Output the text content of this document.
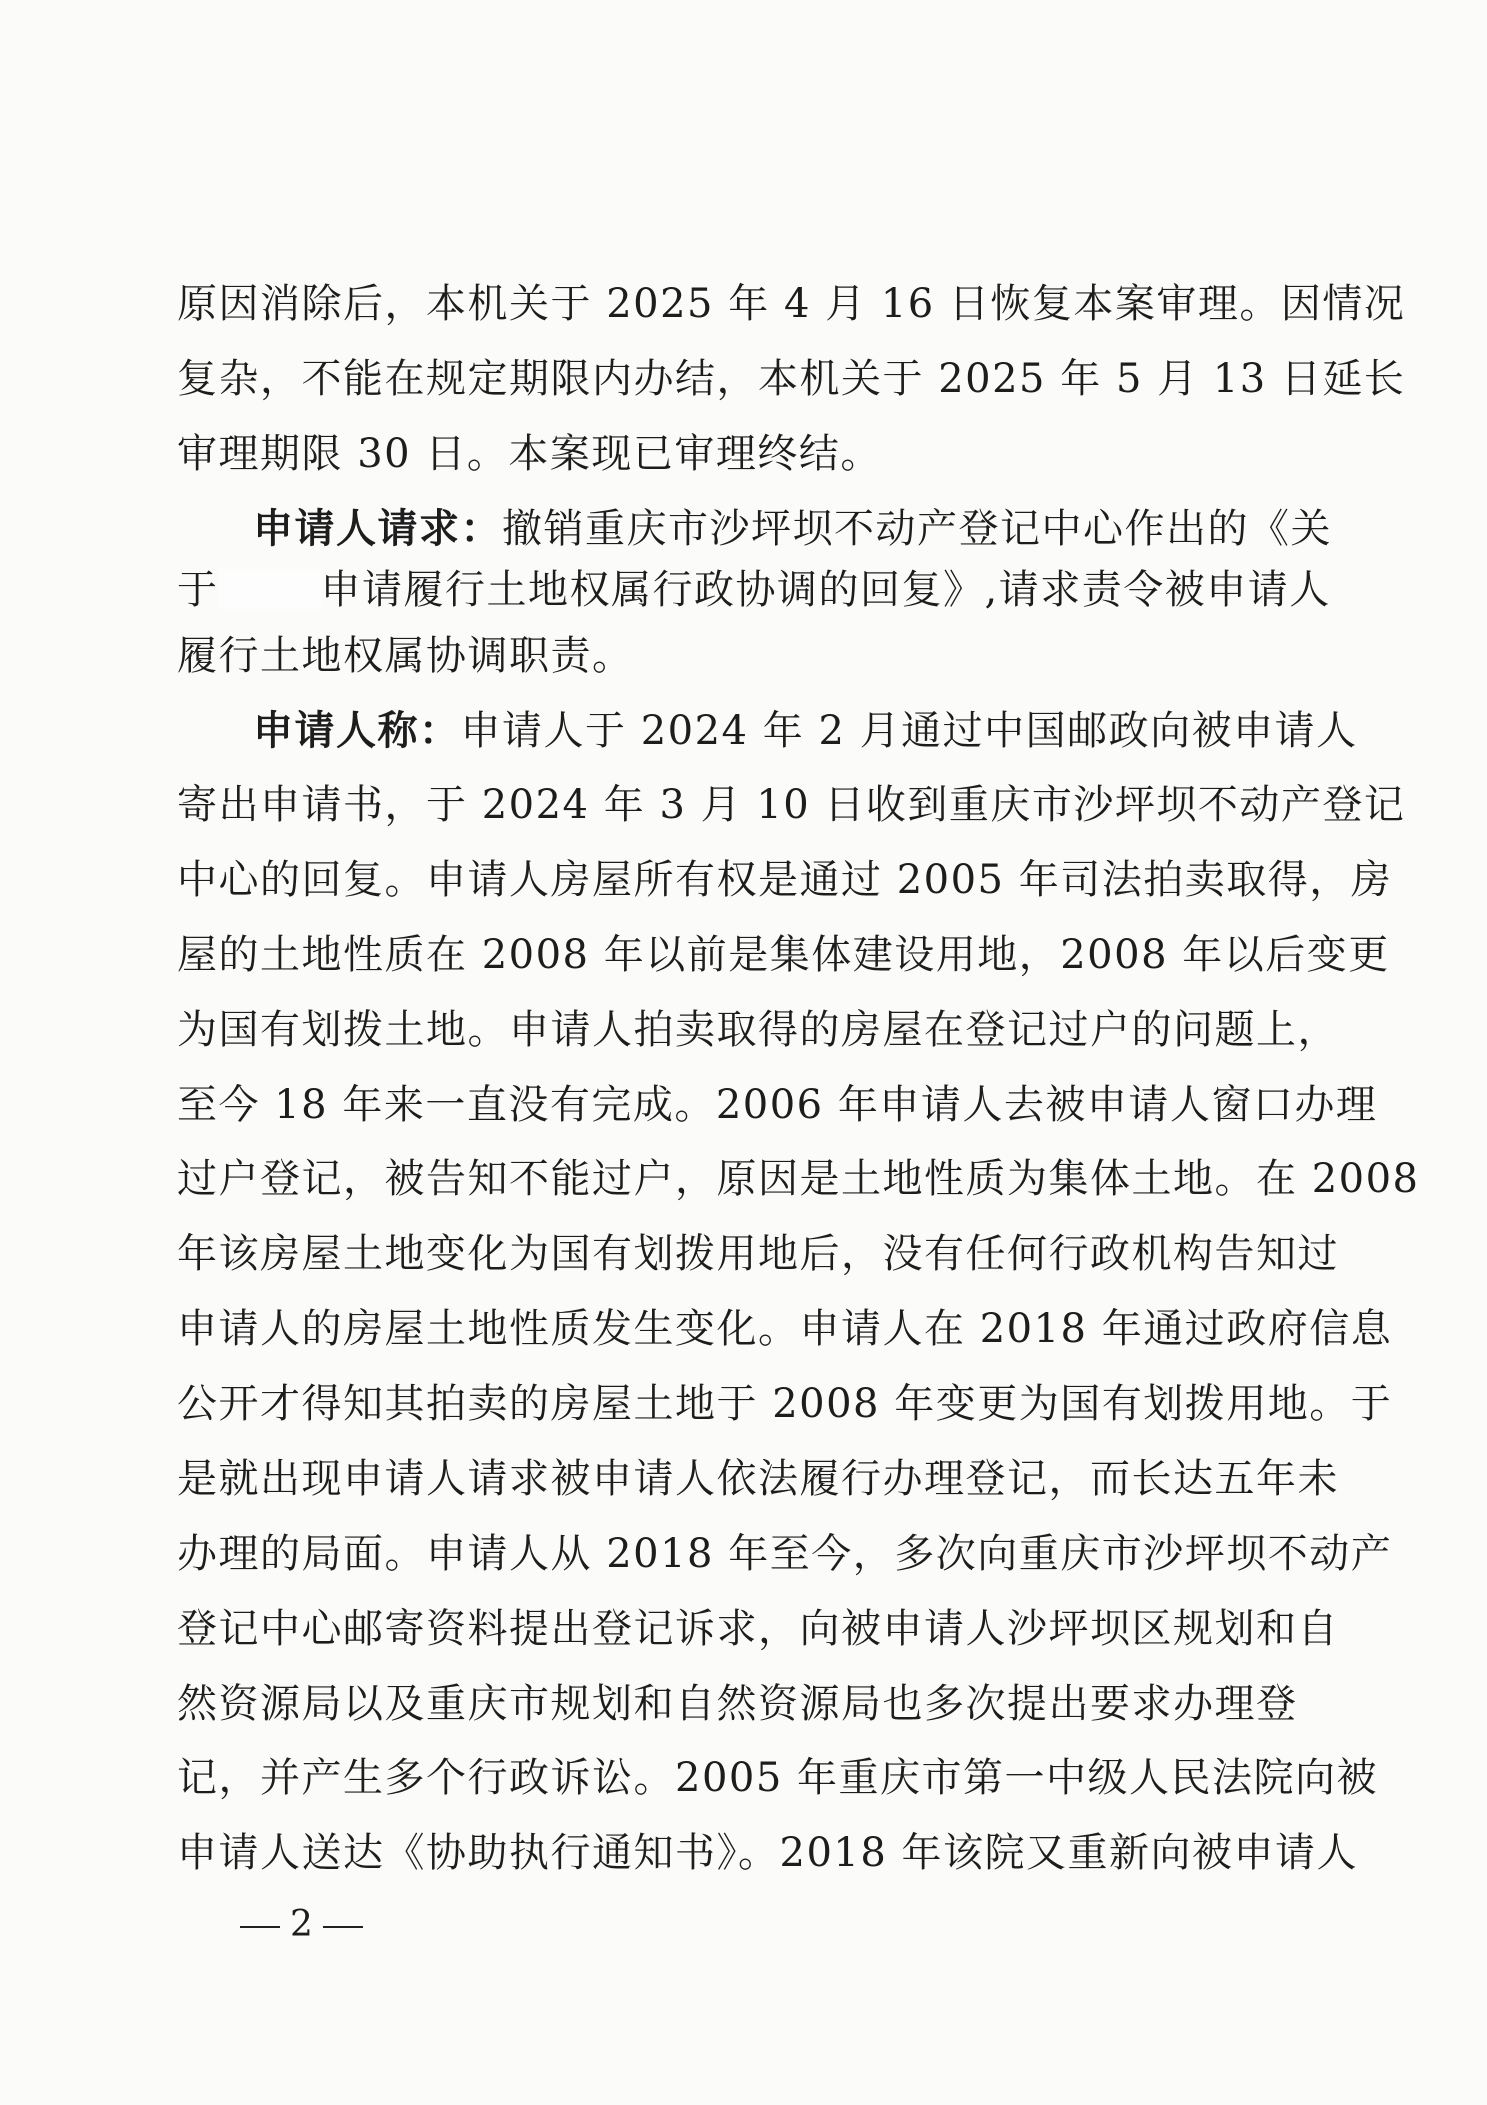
原因消除后，本机关于 2025 年 4 月 16 日恢复本案审理。因情况
复杂，不能在规定期限内办结，本机关于 2025 年 5 月 13 日延长
审理期限 30 日。本案现已审理终结。
申请人请求：撤销重庆市沙坪坝不动产登记中心作出的《关
于	申请履行土地权属行政协调的回复》,请求责令被申请人
履行土地权属协调职责。
申请人称：申请人于 2024 年 2 月通过中国邮政向被申请人
寄出申请书，于 2024 年 3 月 10 日收到重庆市沙坪坝不动产登记
中心的回复。申请人房屋所有权是通过 2005 年司法拍卖取得，房
屋的土地性质在 2008 年以前是集体建设用地，2008 年以后变更
为国有划拨土地。申请人拍卖取得的房屋在登记过户的问题上，
至今 18 年来一直没有完成。2006 年申请人去被申请人窗口办理
过户登记，被告知不能过户，原因是土地性质为集体土地。在 2008
年该房屋土地变化为国有划拨用地后，没有任何行政机构告知过
申请人的房屋土地性质发生变化。申请人在 2018 年通过政府信息
公开才得知其拍卖的房屋土地于 2008 年变更为国有划拨用地。于
是就出现申请人请求被申请人依法履行办理登记，而长达五年未
办理的局面。申请人从 2018 年至今，多次向重庆市沙坪坝不动产
登记中心邮寄资料提出登记诉求，向被申请人沙坪坝区规划和自
然资源局以及重庆市规划和自然资源局也多次提出要求办理登
记，并产生多个行政诉讼。2005 年重庆市第一中级人民法院向被
申请人送达《协助执行通知书》。2018 年该院又重新向被申请人
2
